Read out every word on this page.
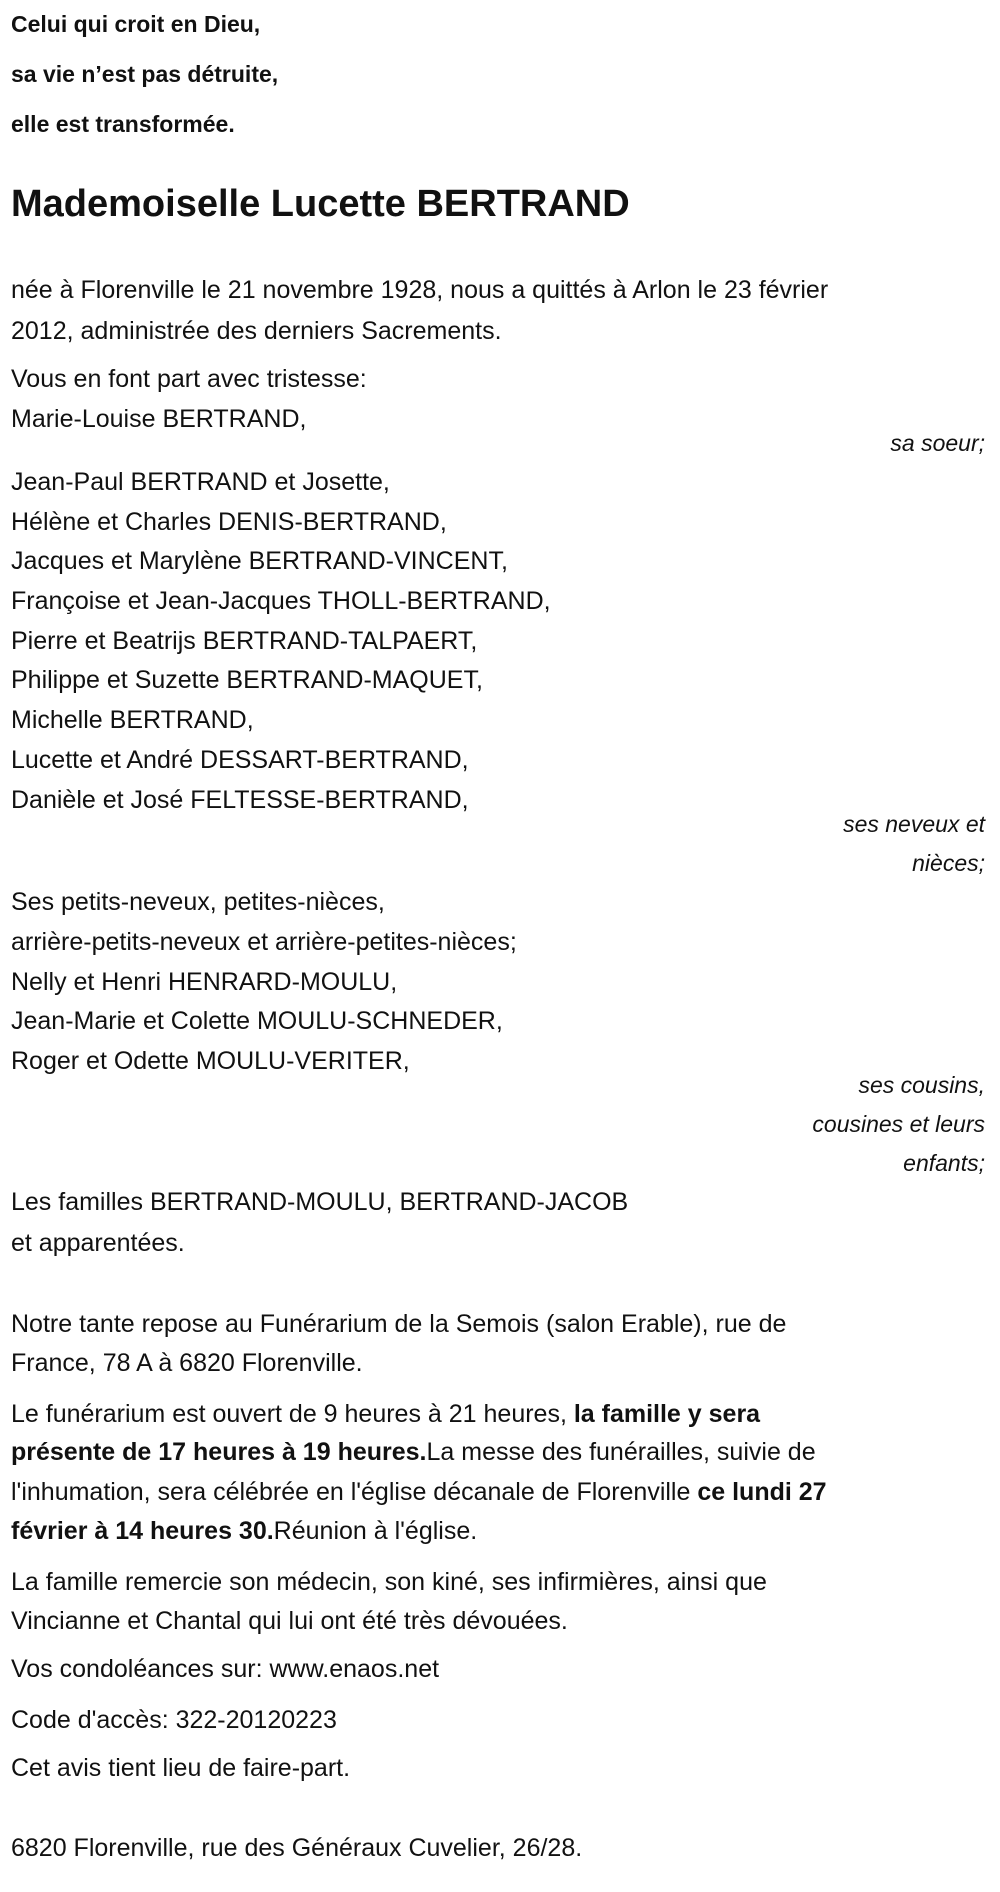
Celui qui croit en Dieu,
sa vie n’est pas détruite,
elle est transformée.
Mademoiselle Lucette BERTRAND
née à Florenville le 21 novembre 1928, nous a quittés à Arlon le 23 février
2012, administrée des derniers Sacrements.
Vous en font part avec tristesse:
Marie-Louise BERTRAND,
sa soeur;
Jean-Paul BERTRAND et Josette,
Hélène et Charles DENIS-BERTRAND,
Jacques et Marylène BERTRAND-VINCENT,
Françoise et Jean-Jacques THOLL-BERTRAND,
Pierre et Beatrijs BERTRAND-TALPAERT,
Philippe et Suzette BERTRAND-MAQUET,
Michelle BERTRAND,
Lucette et André DESSART-BERTRAND,
Danièle et José FELTESSE-BERTRAND,
ses neveux et
nièces;
Ses petits-neveux, petites-nièces,
arrière-petits-neveux et arrière-petites-nièces;
Nelly et Henri HENRARD-MOULU,
Jean-Marie et Colette MOULU-SCHNEDER,
Roger et Odette MOULU-VERITER,
ses cousins,
cousines et leurs
enfants;
Les familles BERTRAND-MOULU, BERTRAND-JACOB
et apparentées.
Notre tante repose au Funérarium de la Semois (salon Erable), rue de
France, 78 A à 6820 Florenville.
Le funérarium est ouvert de 9 heures à 21 heures, la famille y sera
présente de 17 heures à 19 heures.La messe des funérailles, suivie de
l'inhumation, sera célébrée en l'église décanale de Florenville ce lundi 27
février à 14 heures 30.Réunion à l'église.
La famille remercie son médecin, son kiné, ses infirmières, ainsi que
Vincianne et Chantal qui lui ont été très dévouées.
Vos condoléances sur: www.enaos.net
Code d'accès: 322-20120223
Cet avis tient lieu de faire-part.
6820 Florenville, rue des Généraux Cuvelier, 26/28.
